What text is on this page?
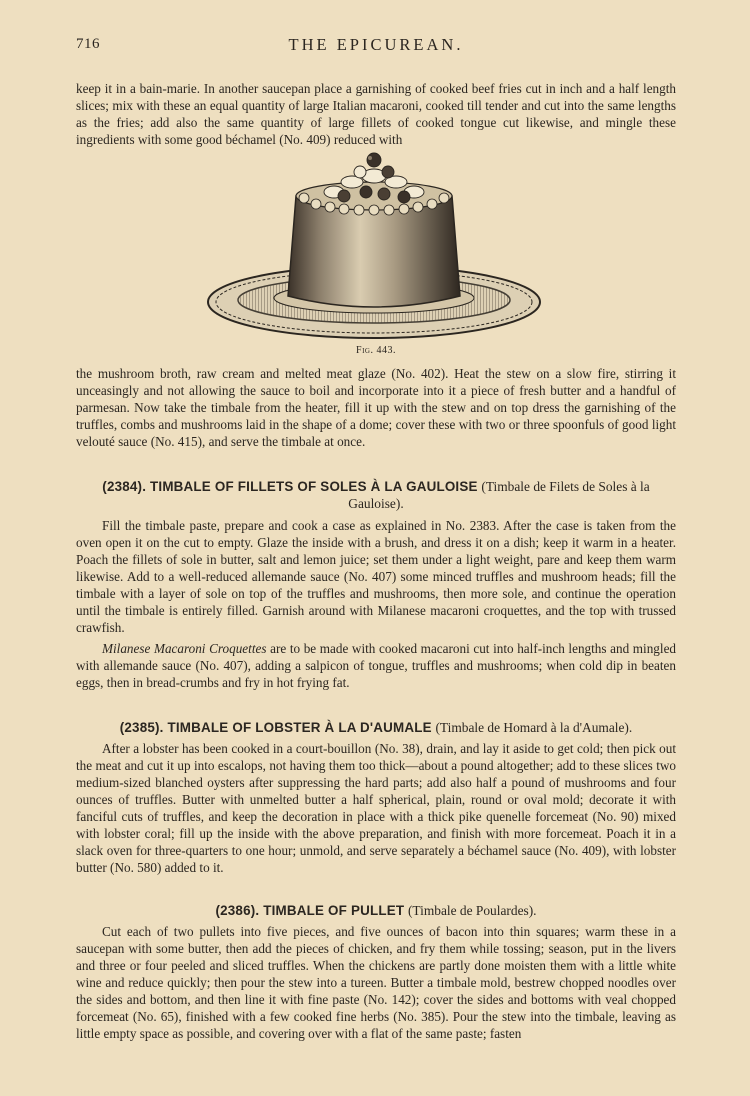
716	THE EPICUREAN.

keep it in a bain-marie. In another saucepan place a garnishing of cooked beef fries cut in inch and a half length slices; mix with these an equal quantity of large Italian macaroni, cooked till tender and cut into the same lengths as the fries; add also the same quantity of large fillets of cooked tongue cut likewise, and mingle these ingredients with some good béchamel (No. 409) reduced with

Fig. 443.

the mushroom broth, raw cream and melted meat glaze (No. 402). Heat the stew on a slow fire, stirring it unceasingly and not allowing the sauce to boil and incorporate into it a piece of fresh butter and a handful of parmesan. Now take the timbale from the heater, fill it up with the stew and on top dress the garnishing of the truffles, combs and mushrooms laid in the shape of a dome; cover these with two or three spoonfuls of good light velouté sauce (No. 415), and serve the timbale at once.

(2384). TIMBALE OF FILLETS OF SOLES À LA GAULOISE (Timbale de Filets de Soles à la Gauloise).

Fill the timbale paste, prepare and cook a case as explained in No. 2383. After the case is taken from the oven open it on the cut to empty. Glaze the inside with a brush, and dress it on a dish; keep it warm in a heater. Poach the fillets of sole in butter, salt and lemon juice; set them under a light weight, pare and keep them warm likewise. Add to a well-reduced allemande sauce (No. 407) some minced truffles and mushroom heads; fill the timbale with a layer of sole on top of the truffles and mushrooms, then more sole, and continue the operation until the timbale is entirely filled. Garnish around with Milanese macaroni croquettes, and the top with trussed crawfish.

Milanese Macaroni Croquettes are to be made with cooked macaroni cut into half-inch lengths and mingled with allemande sauce (No. 407), adding a salpicon of tongue, truffles and mushrooms; when cold dip in beaten eggs, then in bread-crumbs and fry in hot frying fat.

(2385). TIMBALE OF LOBSTER À LA D'AUMALE (Timbale de Homard à la d'Aumale).

After a lobster has been cooked in a court-bouillon (No. 38), drain, and lay it aside to get cold; then pick out the meat and cut it up into escalops, not having them too thick—about a pound altogether; add to these slices two medium-sized blanched oysters after suppressing the hard parts; add also half a pound of mushrooms and four ounces of truffles. Butter with unmelted butter a half spherical, plain, round or oval mold; decorate it with fanciful cuts of truffles, and keep the decoration in place with a thick pike quenelle forcemeat (No. 90) mixed with lobster coral; fill up the inside with the above preparation, and finish with more forcemeat. Poach it in a slack oven for three-quarters to one hour; unmold, and serve separately a béchamel sauce (No. 409), with lobster butter (No. 580) added to it.

(2386). TIMBALE OF PULLET (Timbale de Poulardes).

Cut each of two pullets into five pieces, and five ounces of bacon into thin squares; warm these in a saucepan with some butter, then add the pieces of chicken, and fry them while tossing; season, put in the livers and three or four peeled and sliced truffles. When the chickens are partly done moisten them with a little white wine and reduce quickly; then pour the stew into a tureen. Butter a timbale mold, bestrew chopped noodles over the sides and bottom, and then line it with fine paste (No. 142); cover the sides and bottoms with veal chopped forcemeat (No. 65), finished with a few cooked fine herbs (No. 385). Pour the stew into the timbale, leaving as little empty space as possible, and covering over with a flat of the same paste; fasten
